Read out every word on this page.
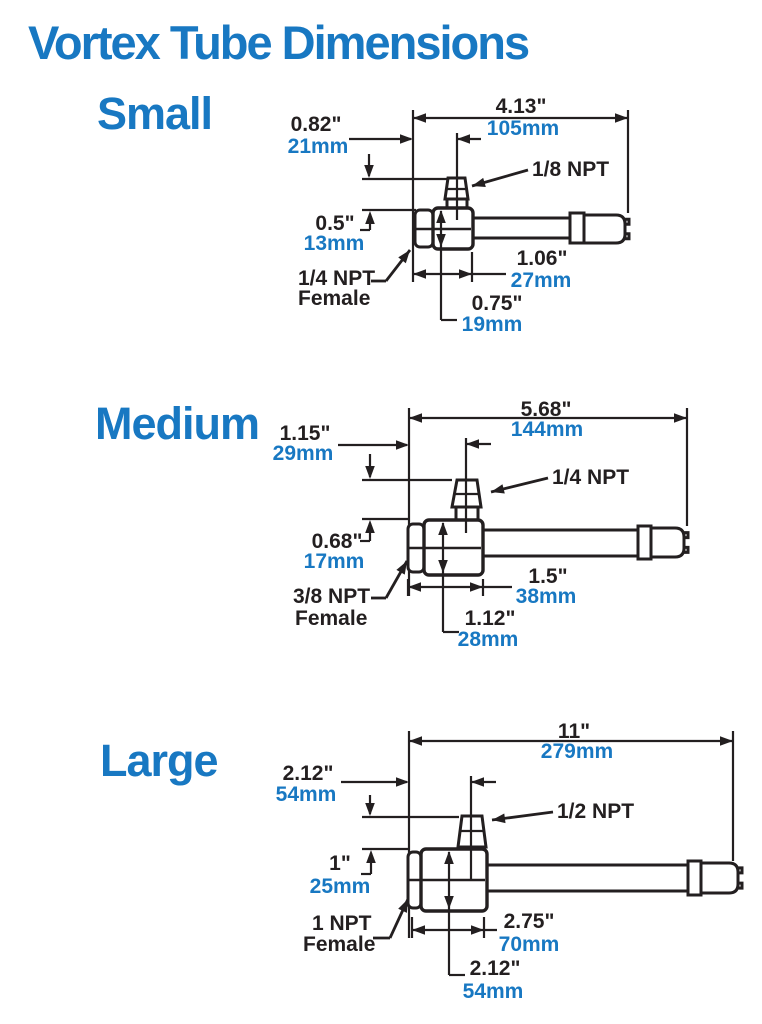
Vortex Tube Dimensions
Small
Medium
Large
4.13"
105mm
0.82"
21mm
0.5"
13mm
1/8 NPT
1/4 NPT
Female
1.06"
27mm
0.75"
19mm
5.68"
144mm
1.15"
29mm
0.68"
17mm
1/4 NPT
3/8 NPT
Female
1.5"
38mm
1.12"
28mm
11"
279mm
2.12"
54mm
1"
25mm
1/2 NPT
1 NPT
Female
2.75"
70mm
2.12"
54mm
